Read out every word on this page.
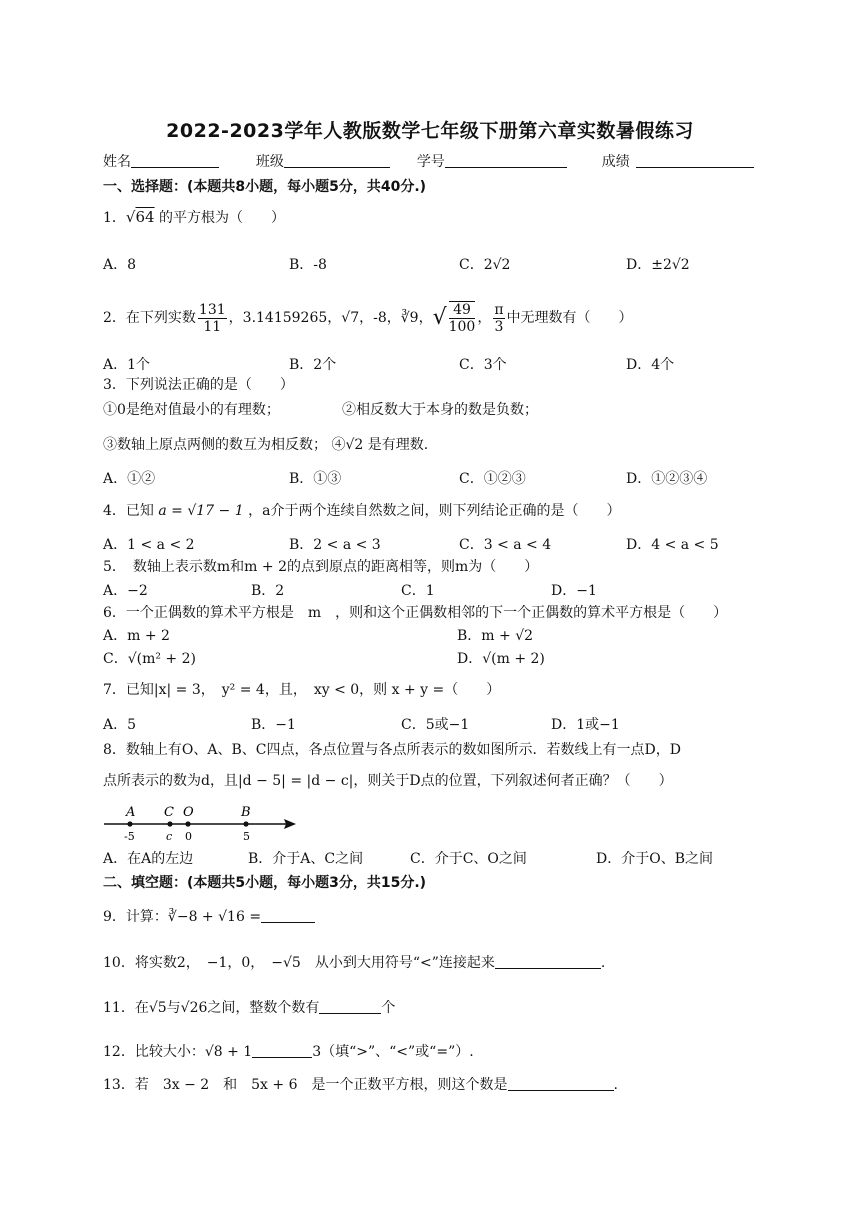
2022-2023学年人教版数学七年级下册第六章实数暑假练习
姓名	班级	学号	成绩
一、选择题：(本题共8小题，每小题5分，共40分.)
1．√64 的平方根为（　　）
A．8	B．-8	C．2√2	D．±2√2
2．在下列实数 $\frac{131}{11}$ ，3.14159265，√7，-8，∛9，√ $\frac{49}{100}$ ， $\frac{\pi}{3}$ 中无理数有（　　）
A．1个	B．2个	C．3个	D．4个
3．下列说法正确的是（　　）
①0是绝对值最小的有理数；	②相反数大于本身的数是负数；
③数轴上原点两侧的数互为相反数； ④√2 是有理数.
A．①②	B．①③	C．①②③	D．①②③④
4．已知 a = √17 − 1 ，a介于两个连续自然数之间，则下列结论正确的是（　　）
A．1 < a < 2	B．2 < a < 3	C．3 < a < 4	D．4 < a < 5
5．　数轴上表示数m和m + 2的点到原点的距离相等，则m为（　　）
A．−2	B．2	C．1	D．−1
6．一个正偶数的算术平方根是　m　，则和这个正偶数相邻的下一个正偶数的算术平方根是（　　）
A．m + 2	B．m + √2
C．√(m² + 2)	D．√(m + 2)
7．已知|x| = 3，　y² = 4，且，　xy < 0，则 x + y =（　　）
A．5	B．−1	C．5或−1	D．1或−1
8．数轴上有O、A、B、C四点，各点位置与各点所表示的数如图所示．若数线上有一点D，D
点所表示的数为d，且|d − 5| = |d − c|，则关于D点的位置，下列叙述何者正确？（　　）
A C O	B
-5	c 0	5
A．在A的左边	B．介于A、C之间	C．介于C、O之间	D．介于O、B之间
二、填空题：(本题共5小题，每小题3分，共15分.)
9．计算：∛−8 + √16 =
10．将实数2，　−1，0，　−√5　从小到大用符号“<”连接起来	.
11．在√5与√26之间，整数个数有	个
12．比较大小：√8 + 1	3（填“>”、“<”或“=”）.
13．若　3x − 2　和　5x + 6　是一个正数平方根，则这个数是	.
